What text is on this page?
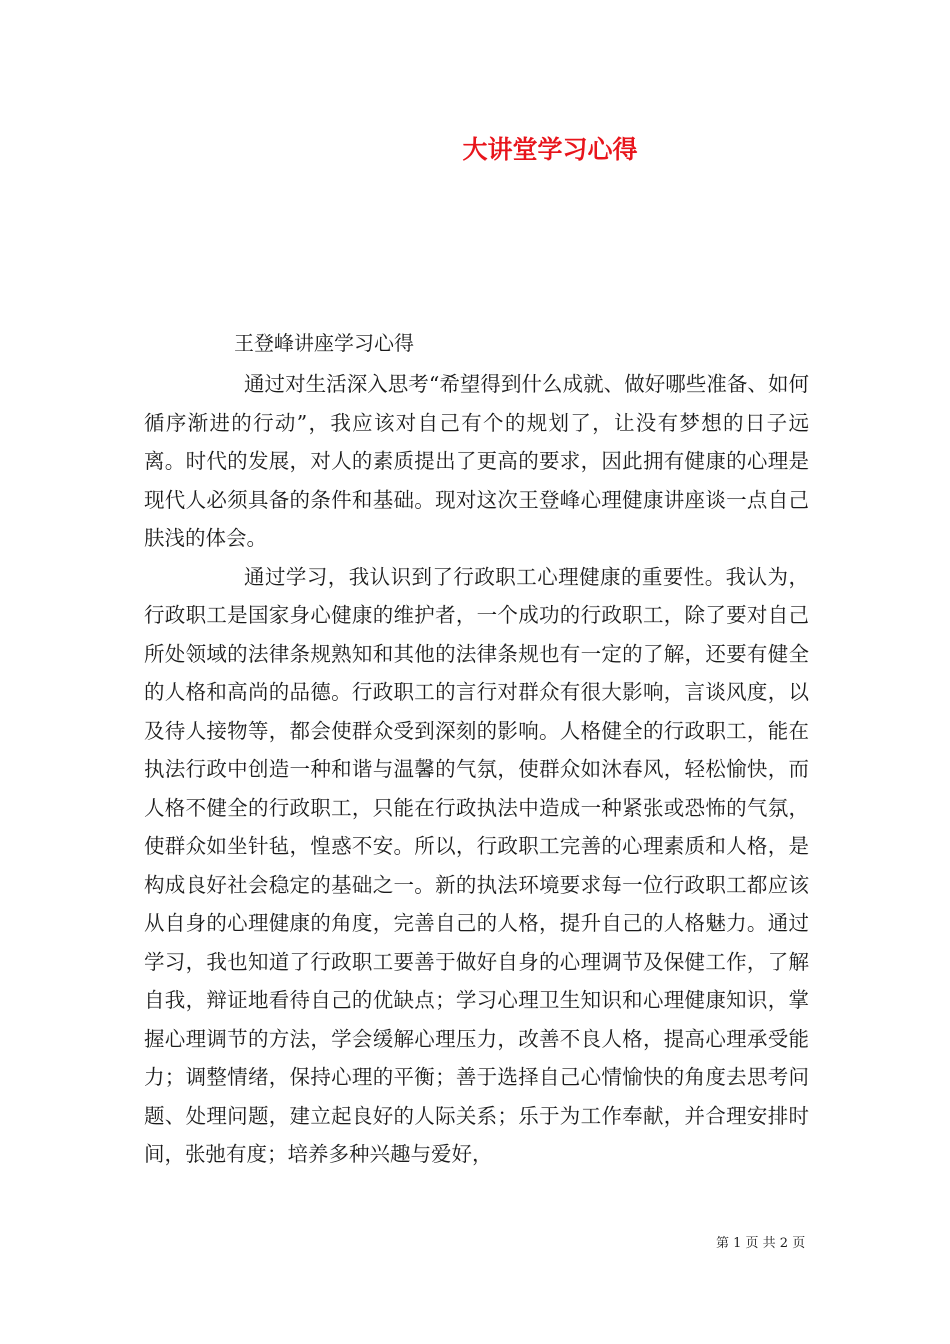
大讲堂学习心得
王登峰讲座学习心得

通过对生活深入思考“希望得到什么成就、做好哪些准备、如何循序渐进的行动”，我应该对自己有个的规划了，让没有梦想的日子远离。时代的发展，对人的素质提出了更高的要求，因此拥有健康的心理是现代人必须具备的条件和基础。现对这次王登峰心理健康讲座谈一点自己肤浅的体会。

通过学习，我认识到了行政职工心理健康的重要性。我认为，行政职工是国家身心健康的维护者，一个成功的行政职工，除了要对自己所处领域的法律条规熟知和其他的法律条规也有一定的了解，还要有健全的人格和高尚的品德。行政职工的言行对群众有很大影响，言谈风度，以及待人接物等，都会使群众受到深刻的影响。人格健全的行政职工，能在执法行政中创造一种和谐与温馨的气氛，使群众如沐春风，轻松愉快，而人格不健全的行政职工，只能在行政执法中造成一种紧张或恐怖的气氛，使群众如坐针毡，惶惑不安。所以，行政职工完善的心理素质和人格，是构成良好社会稳定的基础之一。新的执法环境要求每一位行政职工都应该从自身的心理健康的角度，完善自己的人格，提升自己的人格魅力。通过学习，我也知道了行政职工要善于做好自身的心理调节及保健工作，了解自我，辩证地看待自己的优缺点；学习心理卫生知识和心理健康知识，掌握心理调节的方法，学会缓解心理压力，改善不良人格，提高心理承受能力；调整情绪，保持心理的平衡；善于选择自己心情愉快的角度去思考问题、处理问题，建立起良好的人际关系；乐于为工作奉献，并合理安排时间，张弛有度；培养多种兴趣与爱好，

第 1 页 共 2 页
